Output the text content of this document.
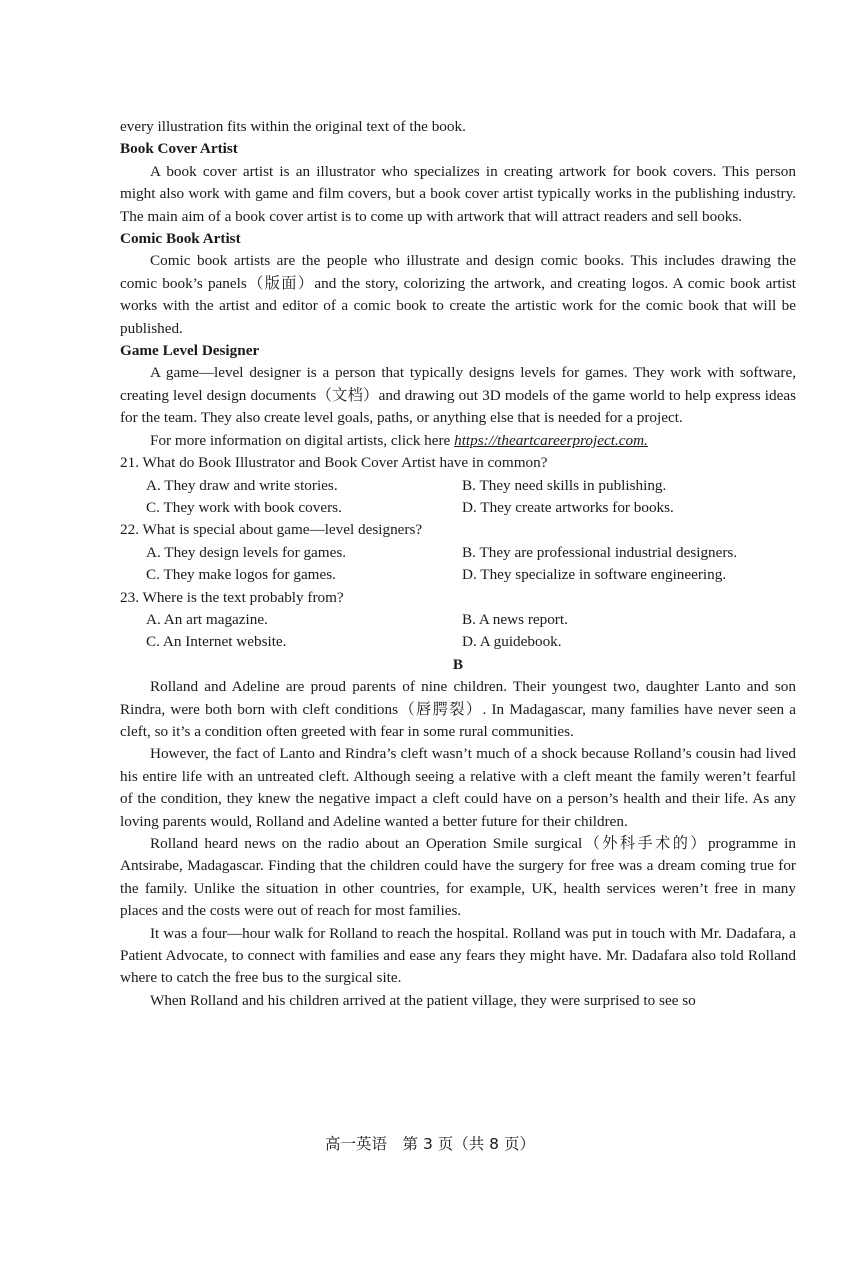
every illustration fits within the original text of the book.

Book Cover Artist

A book cover artist is an illustrator who specializes in creating artwork for book covers. This person might also work with game and film covers, but a book cover artist typically works in the publishing industry. The main aim of a book cover artist is to come up with artwork that will attract readers and sell books.

Comic Book Artist

Comic book artists are the people who illustrate and design comic books. This includes drawing the comic book’s panels（版面）and the story, colorizing the artwork, and creating logos. A comic book artist works with the artist and editor of a comic book to create the artistic work for the comic book that will be published.

Game Level Designer

A game—level designer is a person that typically designs levels for games. They work with software, creating level design documents（文档）and drawing out 3D models of the game world to help express ideas for the team. They also create level goals, paths, or anything else that is needed for a project.

For more information on digital artists, click here https://theartcareerproject.com.

21. What do Book Illustrator and Book Cover Artist have in common?

A. They draw and write stories.	B. They need skills in publishing.
C. They work with book covers.	D. They create artworks for books.

22. What is special about game—level designers?

A. They design levels for games.	B. They are professional industrial designers.
C. They make logos for games.	D. They specialize in software engineering.

23. Where is the text probably from?

A. An art magazine.	B. A news report.
C. An Internet website.	D. A guidebook.

B

Rolland and Adeline are proud parents of nine children. Their youngest two, daughter Lanto and son Rindra, were both born with cleft conditions（唇腭裂）. In Madagascar, many families have never seen a cleft, so it’s a condition often greeted with fear in some rural communities.

However, the fact of Lanto and Rindra’s cleft wasn’t much of a shock because Rolland’s cousin had lived his entire life with an untreated cleft. Although seeing a relative with a cleft meant the family weren’t fearful of the condition, they knew the negative impact a cleft could have on a person’s health and their life. As any loving parents would, Rolland and Adeline wanted a better future for their children.

Rolland heard news on the radio about an Operation Smile surgical（外科手术的）programme in Antsirabe, Madagascar. Finding that the children could have the surgery for free was a dream coming true for the family. Unlike the situation in other countries, for example, UK, health services weren’t free in many places and the costs were out of reach for most families.

It was a four—hour walk for Rolland to reach the hospital. Rolland was put in touch with Mr. Dadafara, a Patient Advocate, to connect with families and ease any fears they might have. Mr. Dadafara also told Rolland where to catch the free bus to the surgical site.

When Rolland and his children arrived at the patient village, they were surprised to see so

高一英语　第 3 页（共 8 页）
